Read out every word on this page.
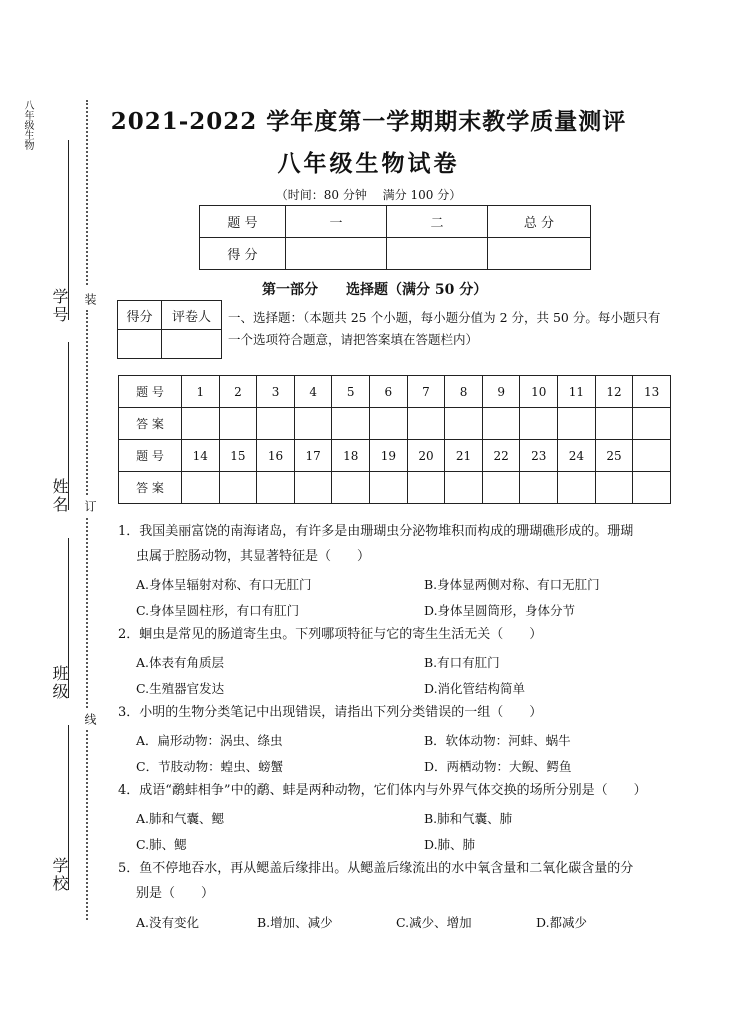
八年级生物
学号
姓名
班级
学校
装
订
线
2021-2022 学年度第一学期期末教学质量测评
八年级生物试卷
（时间：80 分钟　 满分 100 分）
题 号	一	二	总 分
得 分			
第一部分　　选择题（满分 50 分）
得分	评卷人
	一、选择题：（本题共 25 个小题，每小题分值为 2 分，共 50 分。每小题只有一个选项符合题意，请把答案填在答题栏内）
题 号	1	2	3	4	5	6	7	8	9	10	11	12	13
答 案													
题 号	14	15	16	17	18	19	20	21	22	23	24	25	
答 案													
1．我国美丽富饶的南海诸岛，有许多是由珊瑚虫分泌物堆积而构成的珊瑚礁形成的。珊瑚
虫属于腔肠动物，其显著特征是（　　）
A.身体呈辐射对称、有口无肛门	B.身体显两侧对称、有口无肛门
C.身体呈圆柱形，有口有肛门	D.身体呈圆筒形，身体分节
2．蛔虫是常见的肠道寄生虫。下列哪项特征与它的寄生生活无关（　　）
A.体表有角质层	B.有口有肛门
C.生殖器官发达	D.消化管结构简单
3．小明的生物分类笔记中出现错误，请指出下列分类错误的一组（　　）
A．扁形动物：涡虫、绦虫	B．软体动物：河蚌、蜗牛
C．节肢动物：蝗虫、螃蟹	D．两栖动物：大鲵、鳄鱼
4．成语“鹬蚌相争”中的鹬、蚌是两种动物，它们体内与外界气体交换的场所分别是（　　）
A.肺和气囊、鳃	B.肺和气囊、肺
C.肺、鳃	D.肺、肺
5．鱼不停地吞水，再从鳃盖后缘排出。从鳃盖后缘流出的水中氧含量和二氧化碳含量的分
别是（　　）
A.没有变化	B.增加、减少	C.减少、增加	D.都减少
